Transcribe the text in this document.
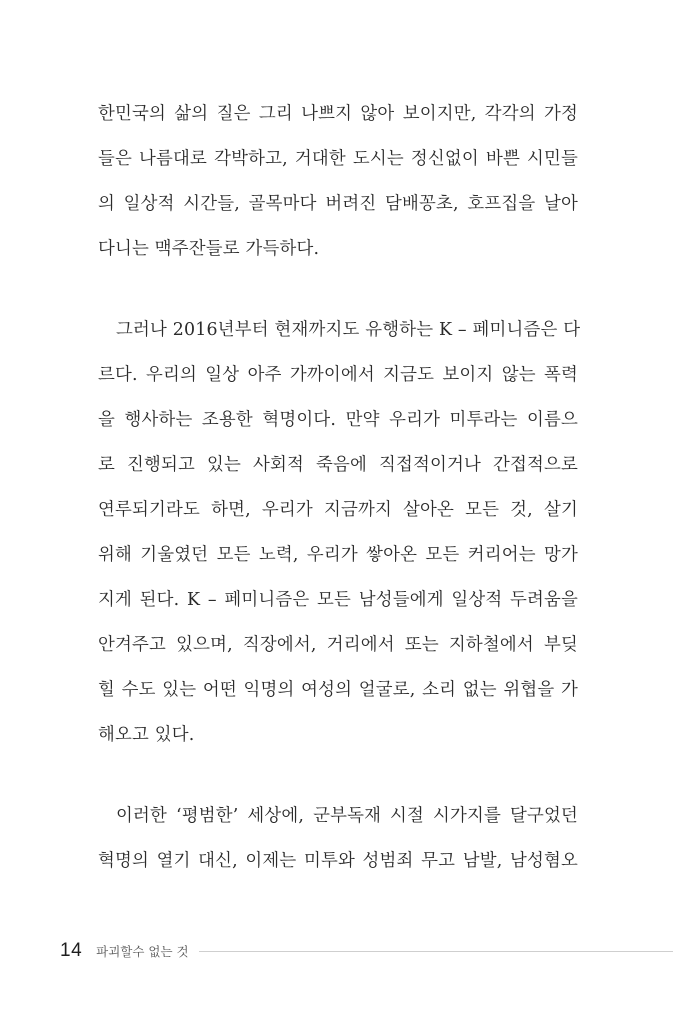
한민국의 삶의 질은 그리 나쁘지 않아 보이지만, 각각의 가정
들은 나름대로 각박하고, 거대한 도시는 정신없이 바쁜 시민들
의 일상적 시간들, 골목마다 버려진 담배꽁초, 호프집을 날아
다니는 맥주잔들로 가득하다.
그러나 2016년부터 현재까지도 유행하는 K – 페미니즘은 다
르다. 우리의 일상 아주 가까이에서 지금도 보이지 않는 폭력
을 행사하는 조용한 혁명이다. 만약 우리가 미투라는 이름으
로 진행되고 있는 사회적 죽음에 직접적이거나 간접적으로
연루되기라도 하면, 우리가 지금까지 살아온 모든 것, 살기
위해 기울였던 모든 노력, 우리가 쌓아온 모든 커리어는 망가
지게 된다. K – 페미니즘은 모든 남성들에게 일상적 두려움을
안겨주고 있으며, 직장에서, 거리에서 또는 지하철에서 부딪
힐 수도 있는 어떤 익명의 여성의 얼굴로, 소리 없는 위협을 가
해오고 있다.
이러한 ‘평범한’ 세상에, 군부독재 시절 시가지를 달구었던
혁명의 열기 대신, 이제는 미투와 성범죄 무고 남발, 남성혐오
14 파괴할수 없는 것
